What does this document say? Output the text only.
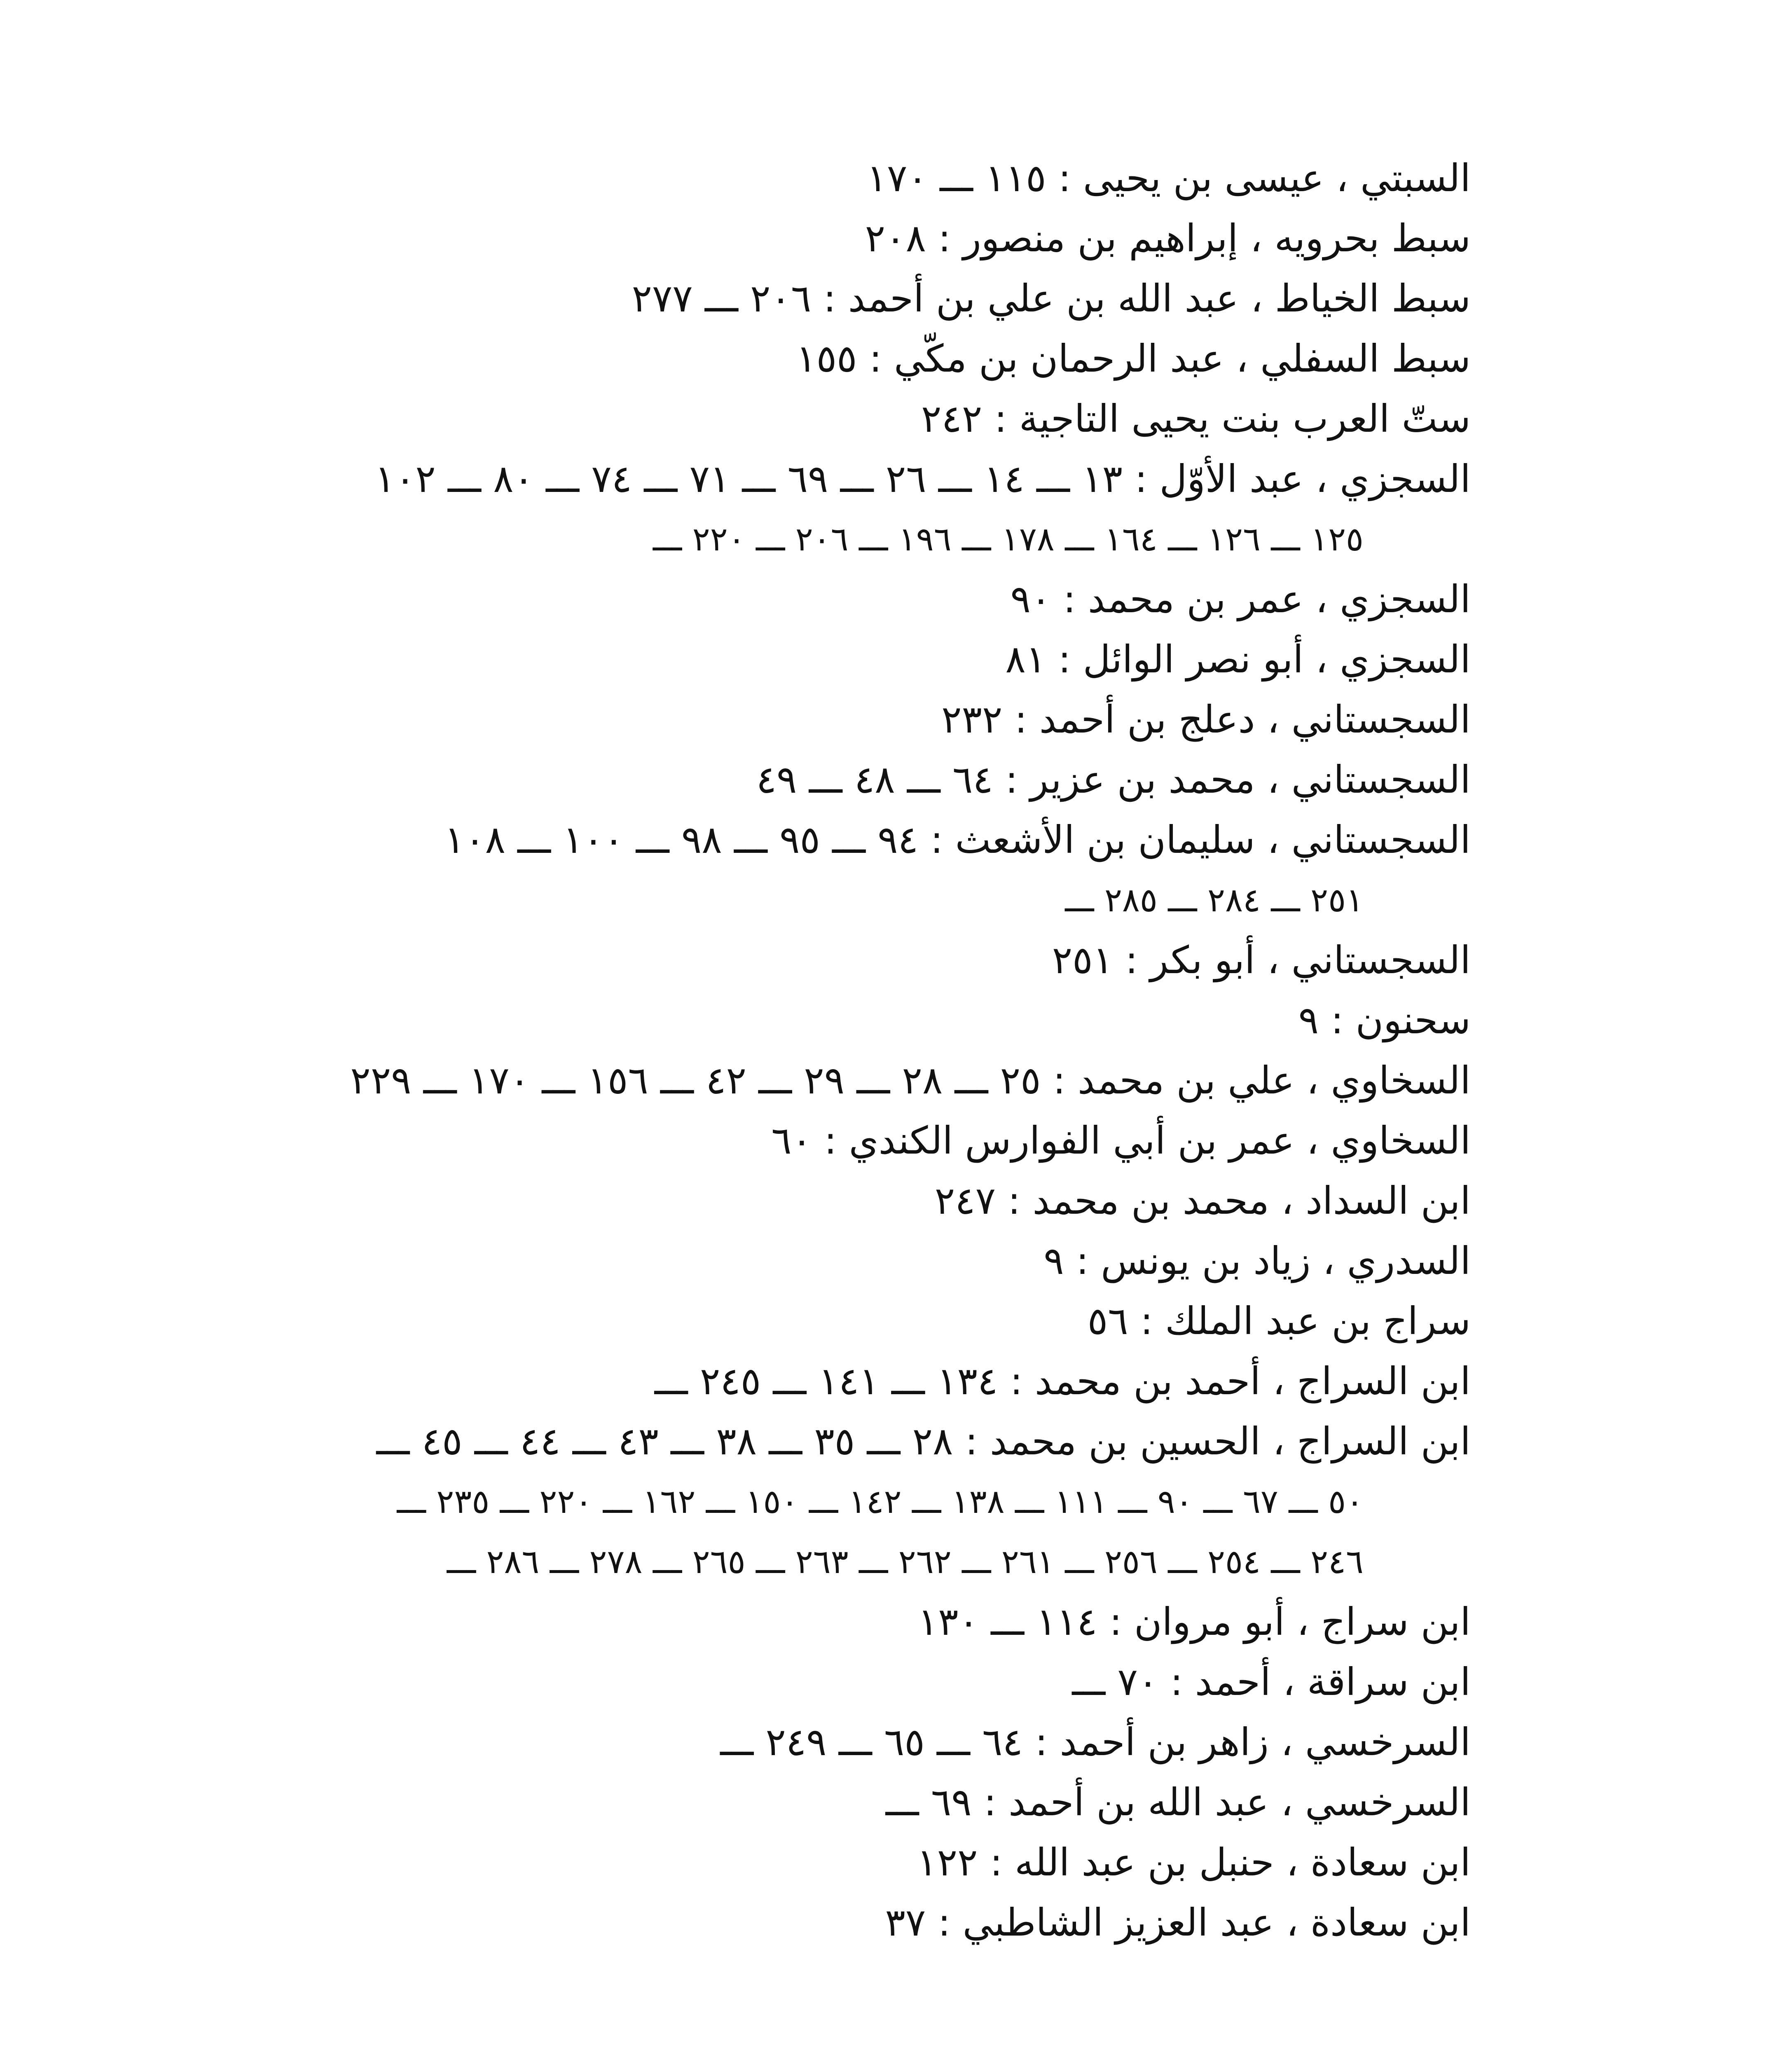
السبتي ، عيسى بن يحيى : ١١٥ ـــ ١٧٠
سبط بحرويه ، إبراهيم بن منصور : ٢٠٨
سبط الخياط ، عبد الله بن علي بن أحمد : ٢٠٦ ـــ ٢٧٧
سبط السفلي ، عبد الرحمان بن مكّي : ١٥٥
ستّ العرب بنت يحيى التاجية : ٢٤٢
السجزي ، عبد الأوّل : ١٣ ـــ ١٤ ـــ ٢٦ ـــ ٦٩ ـــ ٧١ ـــ ٧٤ ـــ ٨٠ ـــ ١٠٢
١٢٥ ـــ ١٢٦ ـــ ١٦٤ ـــ ١٧٨ ـــ ١٩٦ ـــ ٢٠٦ ـــ ٢٢٠ ـــ
السجزي ، عمر بن محمد : ٩٠
السجزي ، أبو نصر الوائل : ٨١
السجستاني ، دعلج بن أحمد : ٢٣٢
السجستاني ، محمد بن عزير : ٦٤ ـــ ٤٨ ـــ ٤٩
السجستاني ، سليمان بن الأشعث : ٩٤ ـــ ٩٥ ـــ ٩٨ ـــ ١٠٠ ـــ ١٠٨
٢٥١ ـــ ٢٨٤ ـــ ٢٨٥ ـــ
السجستاني ، أبو بكر : ٢٥١
سحنون : ٩
السخاوي ، علي بن محمد : ٢٥ ـــ ٢٨ ـــ ٢٩ ـــ ٤٢ ـــ ١٥٦ ـــ ١٧٠ ـــ ٢٢٩
السخاوي ، عمر بن أبي الفوارس الكندي : ٦٠
ابن السداد ، محمد بن محمد : ٢٤٧
السدري ، زياد بن يونس : ٩
سراج بن عبد الملك : ٥٦
ابن السراج ، أحمد بن محمد : ١٣٤ ـــ ١٤١ ـــ ٢٤٥ ـــ
ابن السراج ، الحسين بن محمد : ٢٨ ـــ ٣٥ ـــ ٣٨ ـــ ٤٣ ـــ ٤٤ ـــ ٤٥ ـــ
٥٠ ـــ ٦٧ ـــ ٩٠ ـــ ١١١ ـــ ١٣٨ ـــ ١٤٢ ـــ ١٥٠ ـــ ١٦٢ ـــ ٢٢٠ ـــ ٢٣٥ ـــ
٢٤٦ ـــ ٢٥٤ ـــ ٢٥٦ ـــ ٢٦١ ـــ ٢٦٢ ـــ ٢٦٣ ـــ ٢٦٥ ـــ ٢٧٨ ـــ ٢٨٦ ـــ
ابن سراج ، أبو مروان : ١١٤ ـــ ١٣٠
ابن سراقة ، أحمد : ٧٠ ـــ
السرخسي ، زاهر بن أحمد : ٦٤ ـــ ٦٥ ـــ ٢٤٩ ـــ
السرخسي ، عبد الله بن أحمد : ٦٩ ـــ
ابن سعادة ، حنبل بن عبد الله : ١٢٢
ابن سعادة ، عبد العزيز الشاطبي : ٣٧
